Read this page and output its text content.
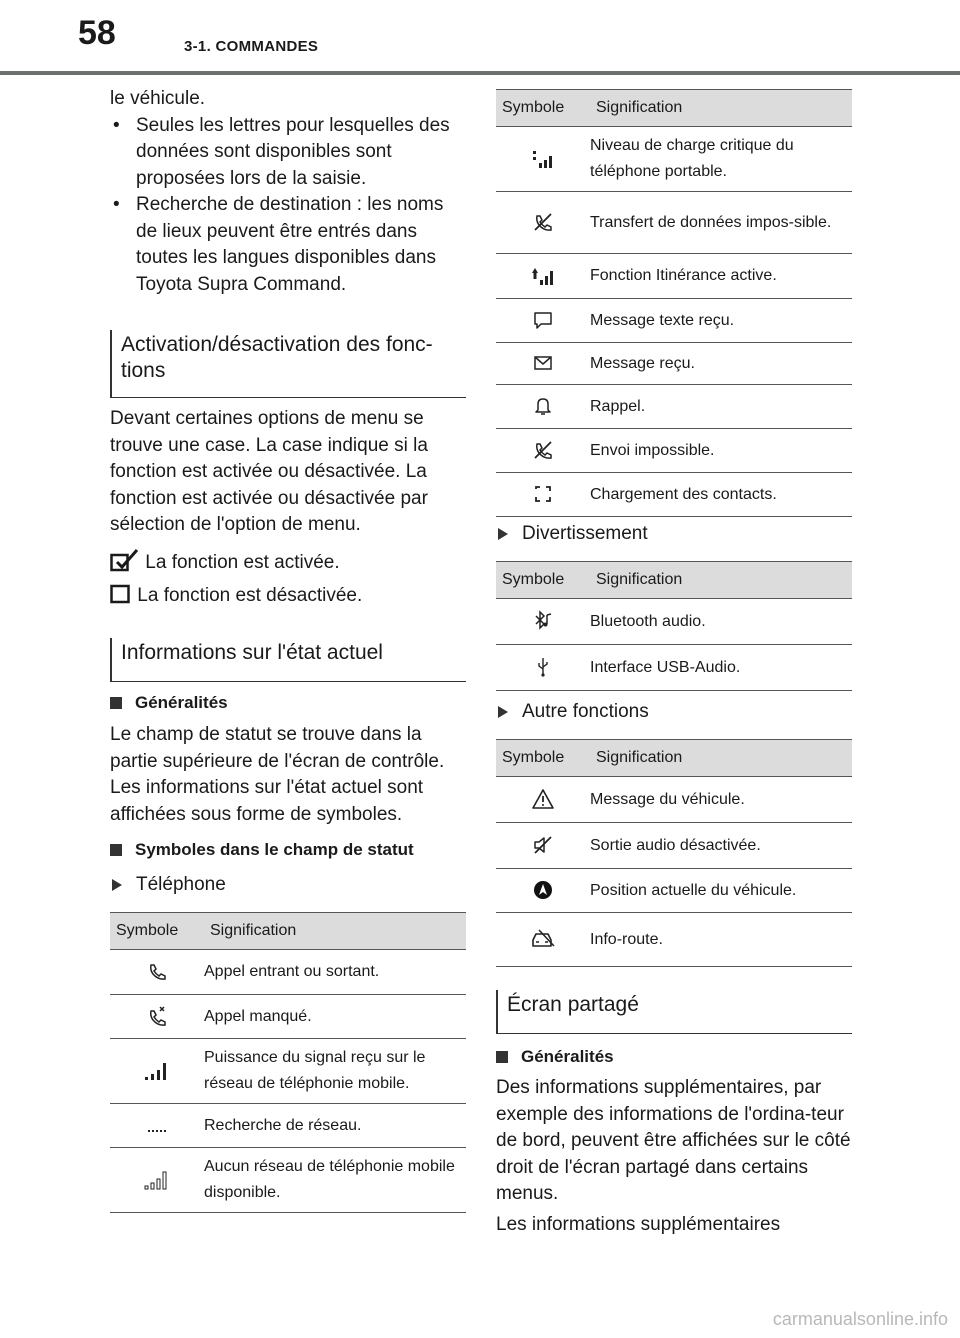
58	3-1. COMMANDES

le véhicule.

• Seules les lettres pour lesquelles des données sont disponibles sont proposées lors de la saisie.
• Recherche de destination : les noms de lieux peuvent être entrés dans toutes les langues disponibles dans Toyota Supra Command.
Activation/désactivation des fonc-tions

Devant certaines options de menu se trouve une case. La case indique si la fonction est activée ou désactivée. La fonction est activée ou désactivée par sélection de l'option de menu.

La fonction est activée.
La fonction est désactivée.
Informations sur l'état actuel
Généralités

Le champ de statut se trouve dans la partie supérieure de l'écran de contrôle. Les informations sur l'état actuel sont affichées sous forme de symboles.

Symboles dans le champ de statut
Téléphone
Symbole	Signification
	Appel entrant ou sortant.
	Appel manqué.
	Puissance du signal reçu sur le réseau de téléphonie mobile.
	Recherche de réseau.
	Aucun réseau de téléphonie mobile disponible.
Symbole	Signification
	Niveau de charge critique du téléphone portable.
	Transfert de données impos-sible.
	Fonction Itinérance active.
	Message texte reçu.
	Message reçu.
	Rappel.
	Envoi impossible.
	Chargement des contacts.
Divertissement
Symbole	Signification
	Bluetooth audio.
	Interface USB-Audio.
Autre fonctions
Symbole	Signification
	Message du véhicule.
	Sortie audio désactivée.
	Position actuelle du véhicule.
	Info-route.
Écran partagé
Généralités

Des informations supplémentaires, par exemple des informations de l'ordina-teur de bord, peuvent être affichées sur le côté droit de l'écran partagé dans certains menus.

Les informations supplémentaires

carmanualsonline.info
